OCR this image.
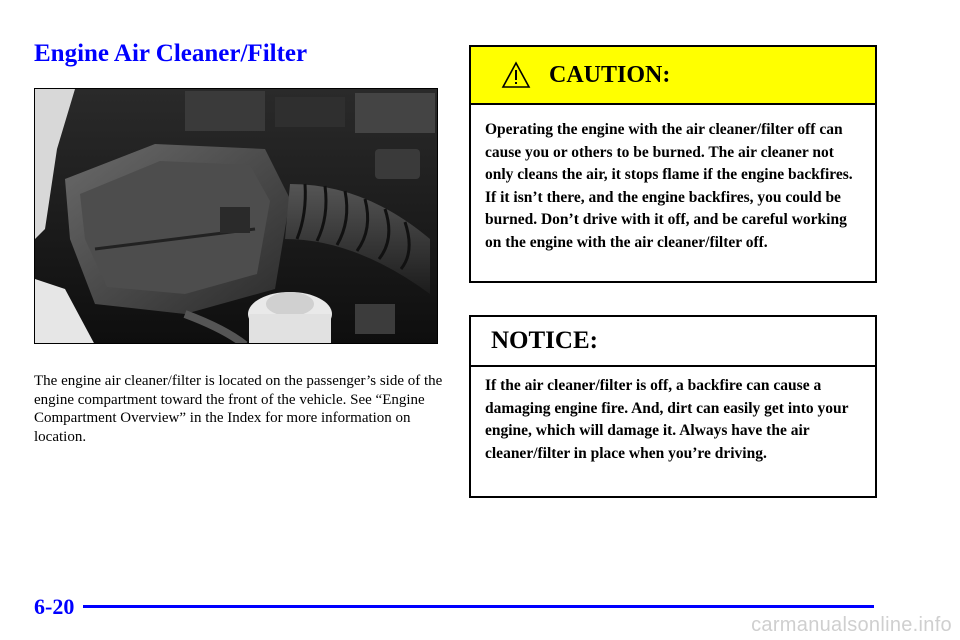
Engine Air Cleaner/Filter

The engine air cleaner/filter is located on the passenger’s side of the engine compartment toward the front of the vehicle. See “Engine Compartment Overview” in the Index for more information on location.

CAUTION:
Operating the engine with the air cleaner/filter off can cause you or others to be burned. The air cleaner not only cleans the air, it stops flame if the engine backfires. If it isn’t there, and the engine backfires, you could be burned. Don’t drive with it off, and be careful working on the engine with the air cleaner/filter off.
NOTICE:
If the air cleaner/filter is off, a backfire can cause a damaging engine fire. And, dirt can easily get into your engine, which will damage it. Always have the air cleaner/filter in place when you’re driving.
6-20
carmanualsonline.info
